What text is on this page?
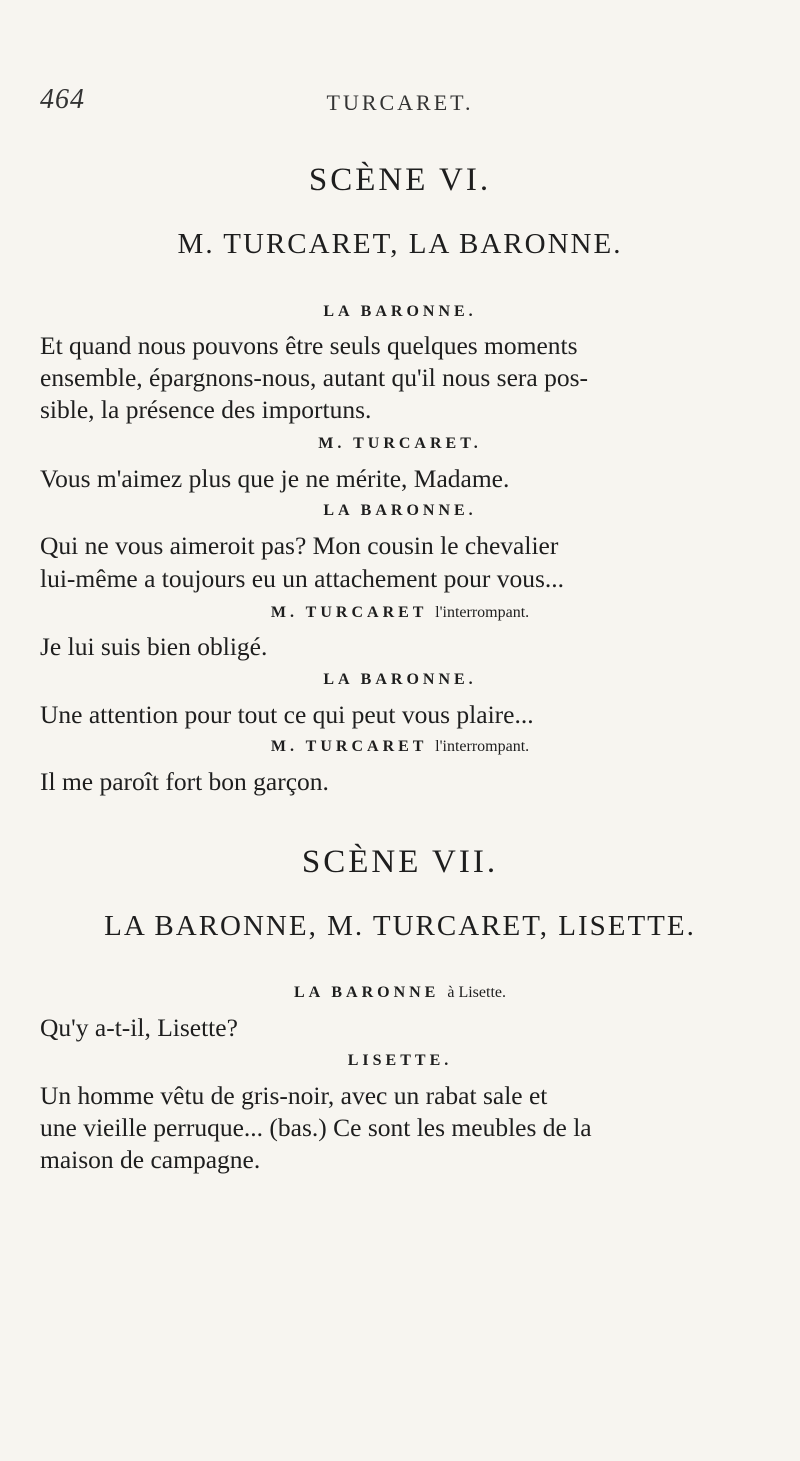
464	TURCARET.
SCÈNE VI.
M. TURCARET, LA BARONNE.
LA BARONNE.
Et quand nous pouvons être seuls quelques moments
ensemble, épargnons-nous, autant qu'il nous sera pos-
sible, la présence des importuns.
M. TURCARET.
Vous m'aimez plus que je ne mérite, Madame.
LA BARONNE.
Qui ne vous aimeroit pas? Mon cousin le chevalier
lui-même a toujours eu un attachement pour vous...
M. TURCARET l'interrompant.
Je lui suis bien obligé.
LA BARONNE.
Une attention pour tout ce qui peut vous plaire...
M. TURCARET l'interrompant.
Il me paroît fort bon garçon.
SCÈNE VII.
LA BARONNE, M. TURCARET, LISETTE.
LA BARONNE à Lisette.
Qu'y a-t-il, Lisette?
LISETTE.
Un homme vêtu de gris-noir, avec un rabat sale et
une vieille perruque... (bas.) Ce sont les meubles de la
maison de campagne.
